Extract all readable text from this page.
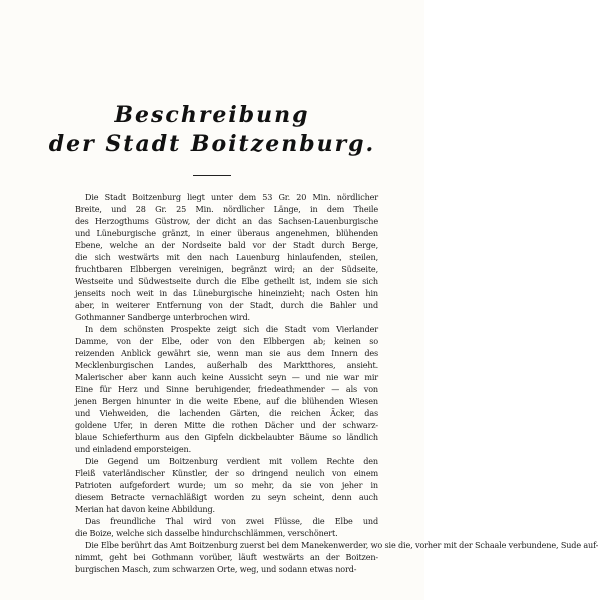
Beschreibung
der Stadt Boitzenburg.
Die Stadt Boitzenburg liegt unter dem 53 Gr. 20 Min. nördlicher
Breite, und 28 Gr. 25 Min. nördlicher Länge, in dem Theile
des Herzogthums Güstrow, der dicht an das Sachsen-Lauenburgische
und Lüneburgische gränzt, in einer überaus angenehmen, blühenden
Ebene, welche an der Nordseite bald vor der Stadt durch Berge,
die sich westwärts mit den nach Lauenburg hinlaufenden, steilen,
fruchtbaren Elbbergen vereinigen, begränzt wird; an der Südseite,
Westseite und Südwestseite durch die Elbe getheilt ist, indem sie sich
jenseits noch weit in das Lüneburgische hineinzieht; nach Osten hin
aber, in weiterer Entfernung von der Stadt, durch die Bahler und
Gothmanner Sandberge unterbrochen wird.
In dem schönsten Prospekte zeigt sich die Stadt vom Vierlander
Damme, von der Elbe, oder von den Elbbergen ab; keinen so
reizenden Anblick gewährt sie, wenn man sie aus dem Innern des
Mecklenburgischen Landes, außerhalb des Marktthores, ansieht.
Malerischer aber kann auch keine Aussicht seyn — und nie war mir
Eine für Herz und Sinne beruhigender, friedeathmender — als von
jenen Bergen hinunter in die weite Ebene, auf die blühenden Wiesen
und Viehweiden, die lachenden Gärten, die reichen Äcker, das
goldene Ufer, in deren Mitte die rothen Dächer und der schwarz-
blaue Schieferthurm aus den Gipfeln dickbelaubter Bäume so ländlich
und einladend emporsteigen.
Die Gegend um Boitzenburg verdient mit vollem Rechte den
Fleiß vaterländischer Künstler, der so dringend neulich von einem
Patrioten aufgefordert wurde; um so mehr, da sie von jeher in
diesem Betracte vernachläßigt worden zu seyn scheint, denn auch
Merian hat davon keine Abbildung.
Das freundliche Thal wird von zwei Flüsse, die Elbe und
die Boize, welche sich dasselbe hindurchschlämmen, verschönert.
Die Elbe berührt das Amt Boitzenburg zuerst bei dem Manekenwerder, wo sie die, vorher mit der Schaale verbundene, Sude auf-
nimmt, geht bei Gothmann vorüber, läuft westwärts an der Boitzen-
burgischen Masch, zum schwarzen Orte, weg, und sodann etwas nord-
